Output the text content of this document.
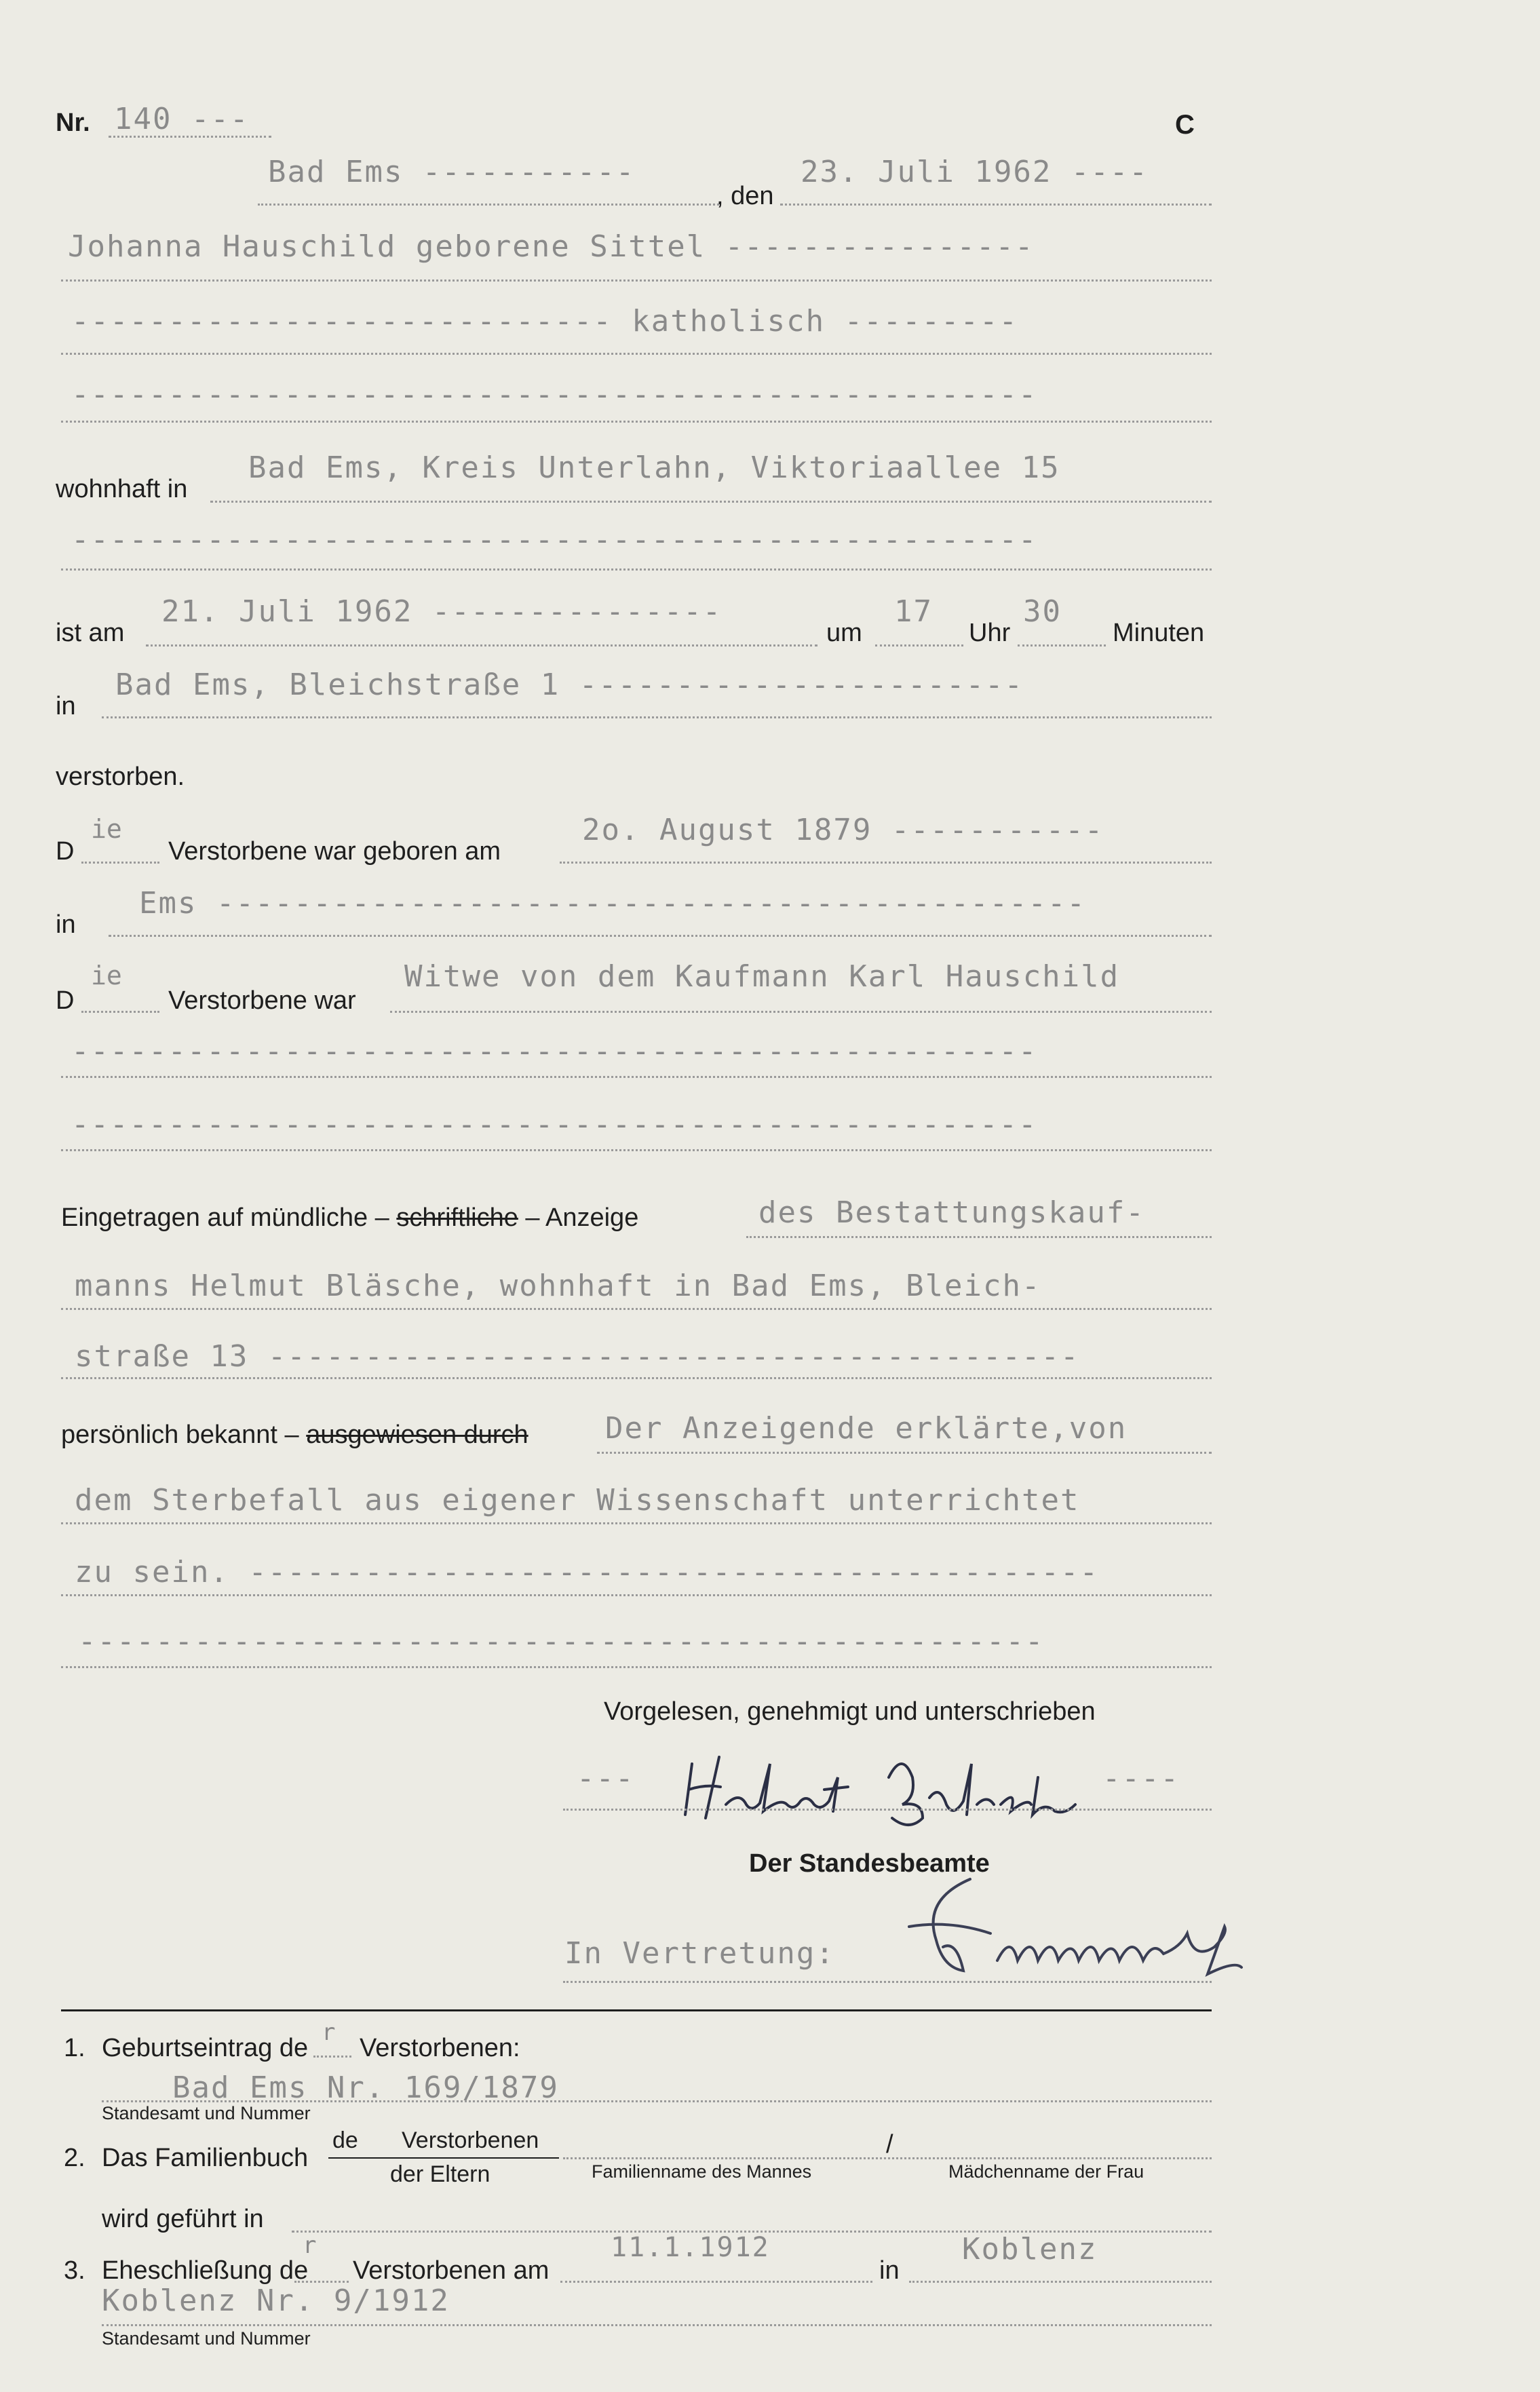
Nr. 140 ---	C
Bad Ems -----------
, den
23. Juli 1962 ----
Johanna Hauschild geborene Sittel ----------------
---------------------------- katholisch ---------
--------------------------------------------------
wohnhaft in
Bad Ems, Kreis Unterlahn, Viktoriaallee 15
--------------------------------------------------
ist am
21. Juli 1962 ---------------
um
17
Uhr
30
Minuten
in
Bad Ems, Bleichstraße 1 -----------------------
verstorben.
D
ie
Verstorbene war geboren am
2o. August 1879 -----------
in
Ems ---------------------------------------------
D
ie
Verstorbene war
Witwe von dem Kaufmann Karl Hauschild
--------------------------------------------------
--------------------------------------------------
Eingetragen auf mündliche – schriftliche – Anzeige	des Bestattungskauf-
manns Helmut Bläsche, wohnhaft in Bad Ems, Bleich-
straße 13 ------------------------------------------
persönlich bekannt – ausgewiesen durch	Der Anzeigende erklärte,von
dem Sterbefall aus eigener Wissenschaft unterrichtet
zu sein. --------------------------------------------
--------------------------------------------------
Vorgelesen, genehmigt und unterschrieben
---	----
Der Standesbeamte
In Vertretung:
1. Geburtseintrag de
r
Verstorbenen:
Bad Ems Nr. 169/1879
Standesamt und Nummer
2. Das Familienbuch
de Verstorbenen
der Eltern
/
Familienname des Mannes	Mädchenname der Frau
wird geführt in
3. Eheschließung de
r
Verstorbenen am
11.1.1912
in
Koblenz
Koblenz Nr. 9/1912
Standesamt und Nummer
